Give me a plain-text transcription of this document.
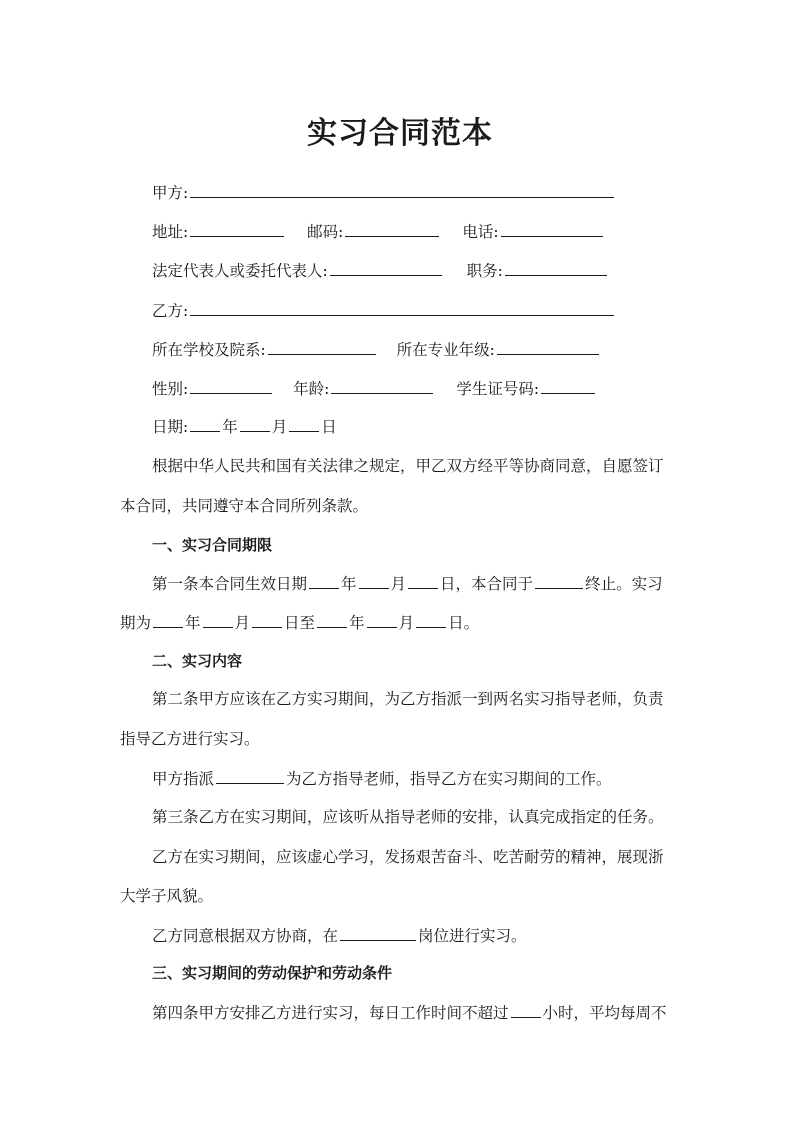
实习合同范本
甲方:
地址:	邮码:	电话:
法定代表人或委托代表人:	职务:
乙方:
所在学校及院系:	所在专业年级:
性别:	年龄:	学生证号码:
日期: 年 月 日
根据中华人民共和国有关法律之规定，甲乙双方经平等协商同意，自愿签订
本合同，共同遵守本合同所列条款。
一、实习合同期限
第一条本合同生效日期 年 月 日，本合同于	终止。实习
期为 年 月 日至 年 月 日。
二、实习内容
第二条甲方应该在乙方实习期间，为乙方指派一到两名实习指导老师，负责
指导乙方进行实习。
甲方指派	为乙方指导老师，指导乙方在实习期间的工作。
第三条乙方在实习期间，应该听从指导老师的安排，认真完成指定的任务。
乙方在实习期间，应该虚心学习，发扬艰苦奋斗、吃苦耐劳的精神，展现浙
大学子风貌。
乙方同意根据双方协商，在	岗位进行实习。
三、实习期间的劳动保护和劳动条件
第四条甲方安排乙方进行实习，每日工作时间不超过 小时，平均每周不
